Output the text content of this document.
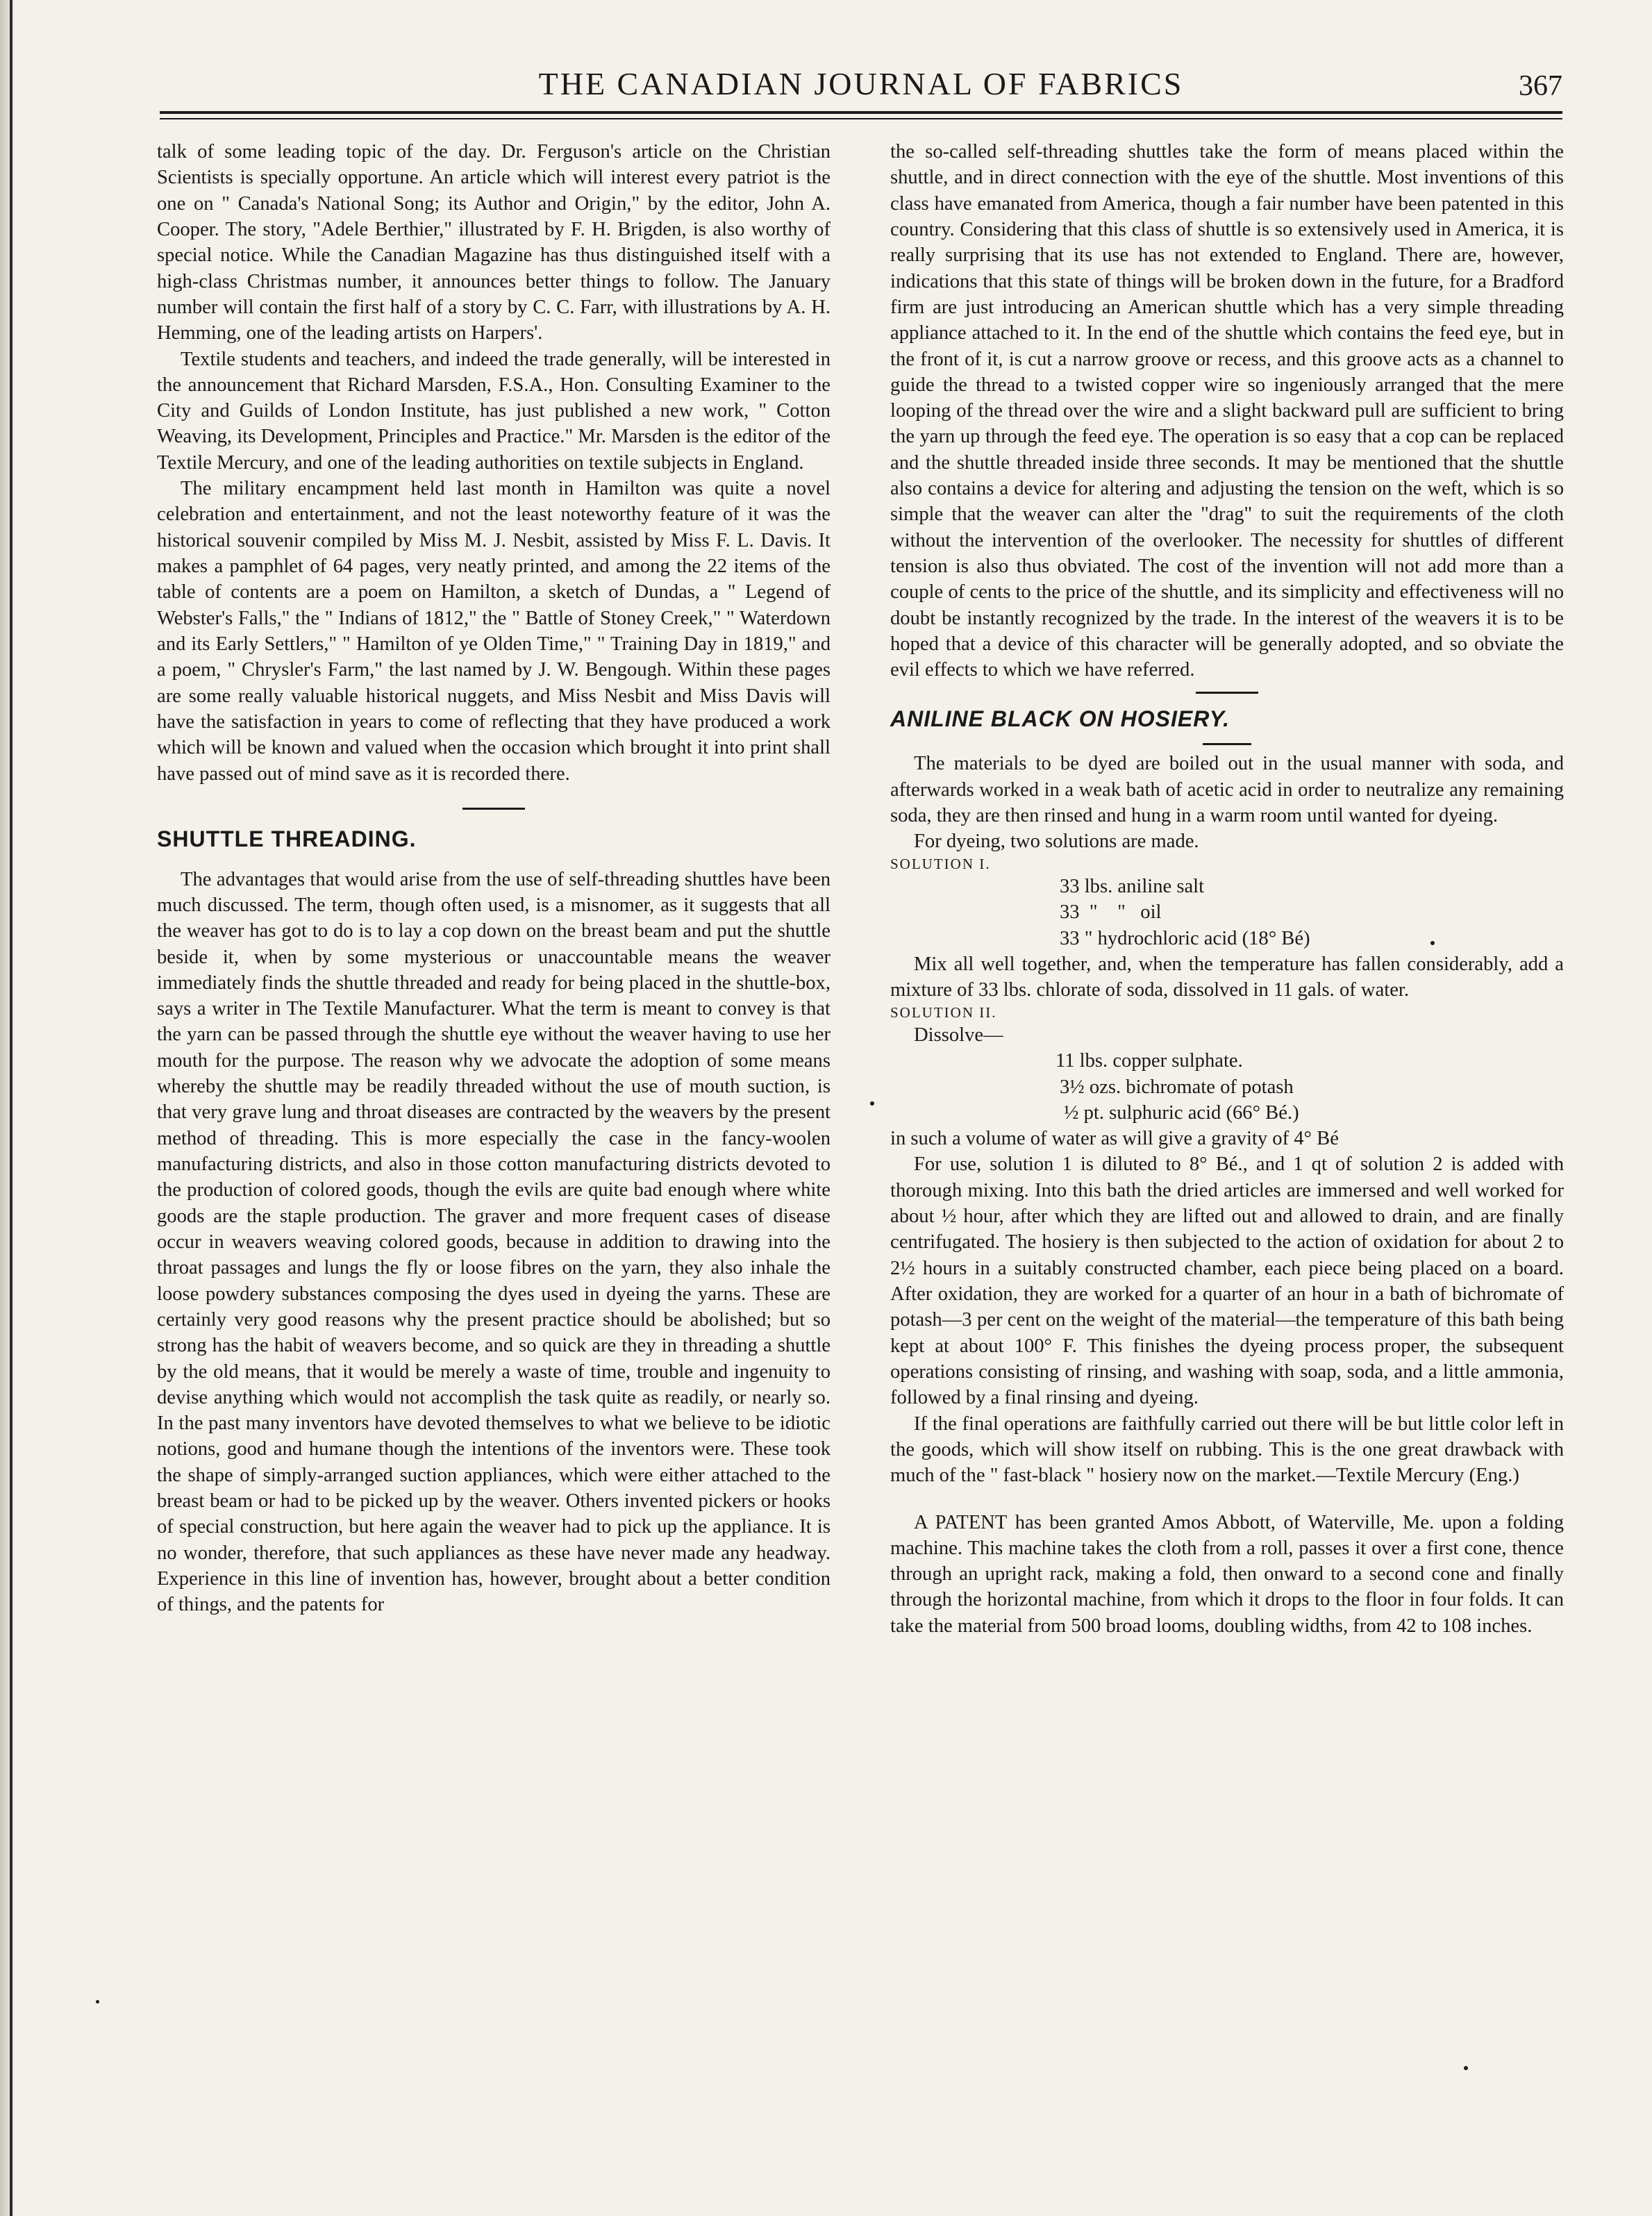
THE CANADIAN JOURNAL OF FABRICS	367

talk of some leading topic of the day. Dr. Ferguson's article on the Christian Scientists is specially opportune. An article which will interest every patriot is the one on " Canada's National Song; its Author and Origin," by the editor, John A. Cooper. The story, "Adele Berthier," illustrated by F. H. Brigden, is also worthy of special notice. While the Canadian Magazine has thus distinguished itself with a high-class Christmas number, it announces better things to follow. The January number will contain the first half of a story by C. C. Farr, with illustrations by A. H. Hemming, one of the leading artists on Harpers'.

Textile students and teachers, and indeed the trade generally, will be interested in the announcement that Richard Marsden, F.S.A., Hon. Consulting Examiner to the City and Guilds of London Institute, has just published a new work, " Cotton Weaving, its Development, Principles and Practice." Mr. Marsden is the editor of the Textile Mercury, and one of the leading authorities on textile subjects in England.

The military encampment held last month in Hamilton was quite a novel celebration and entertainment, and not the least noteworthy feature of it was the historical souvenir compiled by Miss M. J. Nesbit, assisted by Miss F. L. Davis. It makes a pamphlet of 64 pages, very neatly printed, and among the 22 items of the table of contents are a poem on Hamilton, a sketch of Dundas, a " Legend of Webster's Falls," the " Indians of 1812," the " Battle of Stoney Creek," " Waterdown and its Early Settlers," " Hamilton of ye Olden Time," " Training Day in 1819," and a poem, " Chrysler's Farm," the last named by J. W. Bengough. Within these pages are some really valuable historical nuggets, and Miss Nesbit and Miss Davis will have the satisfaction in years to come of reflecting that they have produced a work which will be known and valued when the occasion which brought it into print shall have passed out of mind save as it is recorded there.

SHUTTLE THREADING.

The advantages that would arise from the use of self-threading shuttles have been much discussed. The term, though often used, is a misnomer, as it suggests that all the weaver has got to do is to lay a cop down on the breast beam and put the shuttle beside it, when by some mysterious or unaccountable means the weaver immediately finds the shuttle threaded and ready for being placed in the shuttle-box, says a writer in The Textile Manufacturer. What the term is meant to convey is that the yarn can be passed through the shuttle eye without the weaver having to use her mouth for the purpose. The reason why we advocate the adoption of some means whereby the shuttle may be readily threaded without the use of mouth suction, is that very grave lung and throat diseases are contracted by the weavers by the present method of threading. This is more especially the case in the fancy-woolen manufacturing districts, and also in those cotton manufacturing districts devoted to the production of colored goods, though the evils are quite bad enough where white goods are the staple production. The graver and more frequent cases of disease occur in weavers weaving colored goods, because in addition to drawing into the throat passages and lungs the fly or loose fibres on the yarn, they also inhale the loose powdery substances composing the dyes used in dyeing the yarns. These are certainly very good reasons why the present practice should be abolished; but so strong has the habit of weavers become, and so quick are they in threading a shuttle by the old means, that it would be merely a waste of time, trouble and ingenuity to devise anything which would not accomplish the task quite as readily, or nearly so. In the past many inventors have devoted themselves to what we believe to be idiotic notions, good and humane though the intentions of the inventors were. These took the shape of simply-arranged suction appliances, which were either attached to the breast beam or had to be picked up by the weaver. Others invented pickers or hooks of special construction, but here again the weaver had to pick up the appliance. It is no wonder, therefore, that such appliances as these have never made any headway. Experience in this line of invention has, however, brought about a better condition of things, and the patents for

the so-called self-threading shuttles take the form of means placed within the shuttle, and in direct connection with the eye of the shuttle. Most inventions of this class have emanated from America, though a fair number have been patented in this country. Considering that this class of shuttle is so extensively used in America, it is really surprising that its use has not extended to England. There are, however, indications that this state of things will be broken down in the future, for a Bradford firm are just introducing an American shuttle which has a very simple threading appliance attached to it. In the end of the shuttle which contains the feed eye, but in the front of it, is cut a narrow groove or recess, and this groove acts as a channel to guide the thread to a twisted copper wire so ingeniously arranged that the mere looping of the thread over the wire and a slight backward pull are sufficient to bring the yarn up through the feed eye. The operation is so easy that a cop can be replaced and the shuttle threaded inside three seconds. It may be mentioned that the shuttle also contains a device for altering and adjusting the tension on the weft, which is so simple that the weaver can alter the "drag" to suit the requirements of the cloth without the intervention of the overlooker. The necessity for shuttles of different tension is also thus obviated. The cost of the invention will not add more than a couple of cents to the price of the shuttle, and its simplicity and effectiveness will no doubt be instantly recognized by the trade. In the interest of the weavers it is to be hoped that a device of this character will be generally adopted, and so obviate the evil effects to which we have referred.

ANILINE BLACK ON HOSIERY.

The materials to be dyed are boiled out in the usual manner with soda, and afterwards worked in a weak bath of acetic acid in order to neutralize any remaining soda, they are then rinsed and hung in a warm room until wanted for dyeing.

For dyeing, two solutions are made.

SOLUTION I.

33 lbs. aniline salt
33  "    "   oil
33 " hydrochloric acid (18° Bé)

Mix all well together, and, when the temperature has fallen considerably, add a mixture of 33 lbs. chlorate of soda, dissolved in 11 gals. of water.

SOLUTION II.

Dissolve—

11 lbs. copper sulphate.
3½ ozs. bichromate of potash
½ pt. sulphuric acid (66° Bé.)

in such a volume of water as will give a gravity of 4° Bé

For use, solution 1 is diluted to 8° Bé., and 1 qt of solution 2 is added with thorough mixing. Into this bath the dried articles are immersed and well worked for about ½ hour, after which they are lifted out and allowed to drain, and are finally centrifugated. The hosiery is then subjected to the action of oxidation for about 2 to 2½ hours in a suitably constructed chamber, each piece being placed on a board. After oxidation, they are worked for a quarter of an hour in a bath of bichromate of potash—3 per cent on the weight of the material—the temperature of this bath being kept at about 100° F. This finishes the dyeing process proper, the subsequent operations consisting of rinsing, and washing with soap, soda, and a little ammonia, followed by a final rinsing and dyeing.

If the final operations are faithfully carried out there will be but little color left in the goods, which will show itself on rubbing. This is the one great drawback with much of the " fast-black " hosiery now on the market.—Textile Mercury (Eng.)

A PATENT has been granted Amos Abbott, of Waterville, Me. upon a folding machine. This machine takes the cloth from a roll, passes it over a first cone, thence through an upright rack, making a fold, then onward to a second cone and finally through the horizontal machine, from which it drops to the floor in four folds. It can take the material from 500 broad looms, doubling widths, from 42 to 108 inches.
